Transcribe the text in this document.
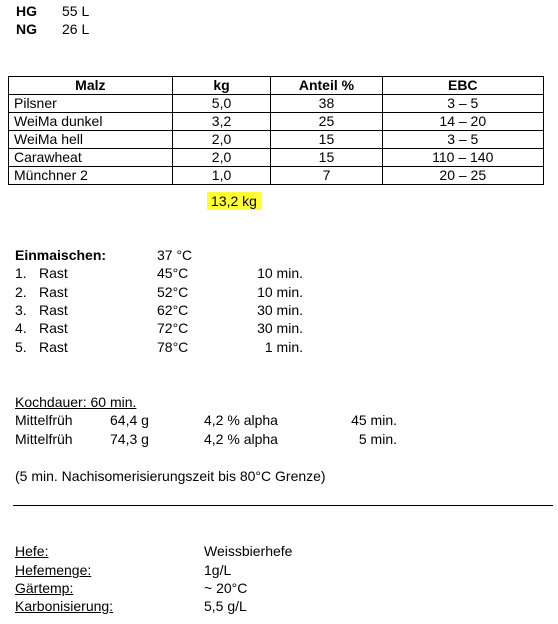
HG 55 L
NG 26 L
Malz	kg	Anteil %	EBC
Pilsner	5,0	38	3 – 5
WeiMa dunkel	3,2	25	14 – 20
WeiMa hell	2,0	15	3 – 5
Carawheat	2,0	15	110 – 140
Münchner 2	1,0	7	20 – 25
13,2 kg
Einmaischen:	37 °C
1. Rast	45°C	10 min.
2. Rast	52°C	10 min.
3. Rast	62°C	30 min.
4. Rast	72°C	30 min.
5. Rast	78°C	1 min.
Kochdauer: 60 min.
Mittelfrüh	64,4 g	4,2 % alpha	45 min.
Mittelfrüh	74,3 g	4,2 % alpha	5 min.
(5 min. Nachisomerisierungszeit bis 80°C Grenze)
Hefe:	Weissbierhefe
Hefemenge:	1g/L
Gärtemp:	~ 20°C
Karbonisierung:	5,5 g/L
